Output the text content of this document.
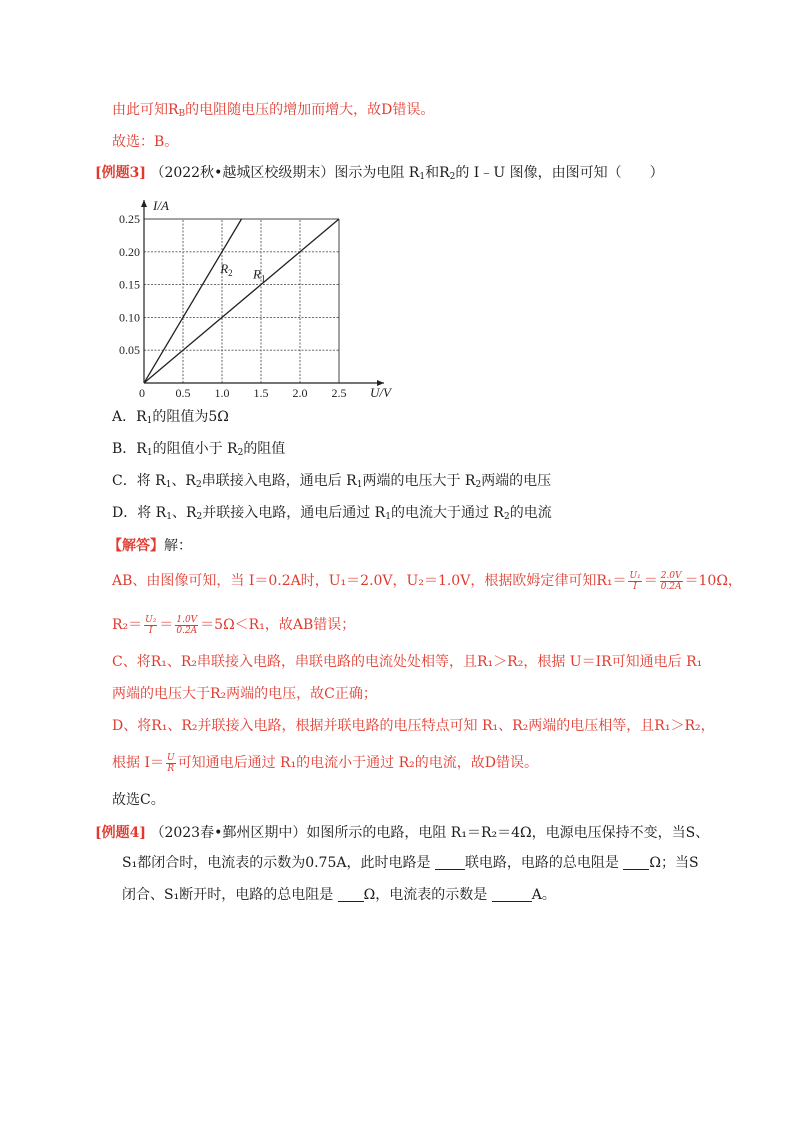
由此可知$R_B$的电阻随电压的增加而增大，故D错误。
故选：B。
[例题3] （2022秋•越城区校级期末）图示为电阻 $R_1$和$R_2$的 I﹣U 图像，由图可知（　　）
I/A
U/V
0	0.5 1.0 1.5 2.0 2.5
0.05
0.10
0.15
0.20
0.25
$R_1$
$R_2$
A．$R_1$的阻值为5Ω
B．$R_1$的阻值小于 $R_2$的阻值
C．将 $R_1$、$R_2$串联接入电路，通电后 $R_1$两端的电压大于 $R_2$两端的电压
D．将 $R_1$、$R_2$并联接入电路，通电后通过 $R_1$的电流大于通过 $R_2$的电流
【解答】解：
AB、由图像可知，当 I＝0.2A时，U₁＝2.0V，U₂＝1.0V，根据欧姆定律可知$R_1= \frac{\text{U₁}}{I} = \frac{2.0V}{0.2A} =10\Omega$，
$R_2= \frac{\text{U₂}}{I} = \frac{1.0V}{0.2A} =5\Omega<R_1$，故AB错误；
C、将R₁、R₂串联接入电路，串联电路的电流处处相等，且R₁＞R₂，根据 U＝IR可知通电后 R₁
两端的电压大于R₂两端的电压，故C正确；
D、将R₁、R₂并联接入电路，根据并联电路的电压特点可知 R₁、R₂两端的电压相等，且R₁＞R₂，
根据 $I= \frac{U}{R}$ 可知通电后通过 R₁的电流小于通过 R₂的电流，故D错误。
故选C。
[例题4] （2023春•鄞州区期中）如图所示的电路，电阻 R₁＝R₂＝4Ω，电源电压保持不变，当S、
S₁都闭合时，电流表的示数为0.75A，此时电路是 联电路，电路的总电阻是 Ω；当S
闭合、S₁断开时，电路的总电阻是 Ω，电流表的示数是	A。
